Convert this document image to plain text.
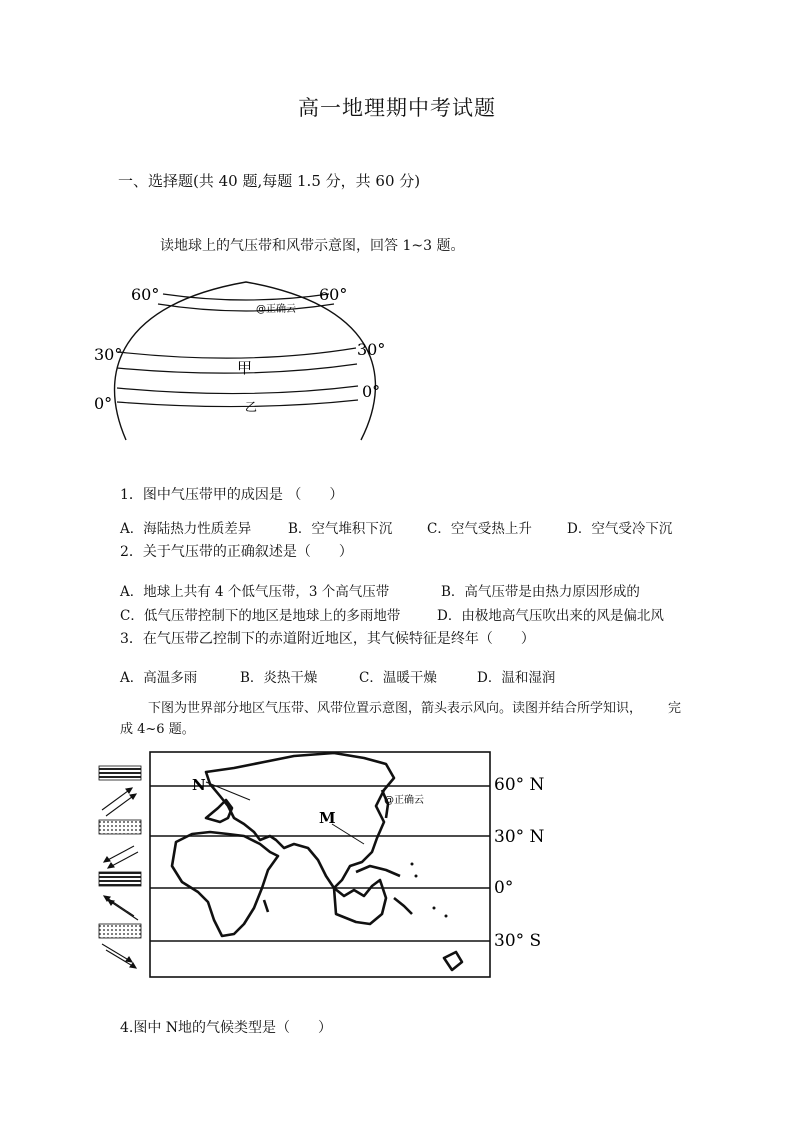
高一地理期中考试题
一、选择题(共 40 题,每题 1.5 分，共 60 分)
读地球上的气压带和风带示意图，回答 1~3 题。
60°	60°
30°	30°
0°
0°
甲
乙
@正确云
1．图中气压带甲的成因是 （　　）
A．海陆热力性质差异	B．空气堆积下沉	C．空气受热上升	D．空气受冷下沉
2．关于气压带的正确叙述是（　　）
A．地球上共有 4 个低气压带，3 个高气压带	B．高气压带是由热力原因形成的
C．低气压带控制下的地区是地球上的多雨地带	D．由极地高气压吹出来的风是偏北风
3．在气压带乙控制下的赤道附近地区，其气候特征是终年（　　）
A．高温多雨	B．炎热干燥	C．温暖干燥	D．温和湿润
下图为世界部分地区气压带、风带位置示意图，箭头表示风向。读图并结合所学知识， 完
成 4~6 题。
N
M
@正确云
60° N
30° N
0°
30° S
4.图中 N地的气候类型是（　　）
